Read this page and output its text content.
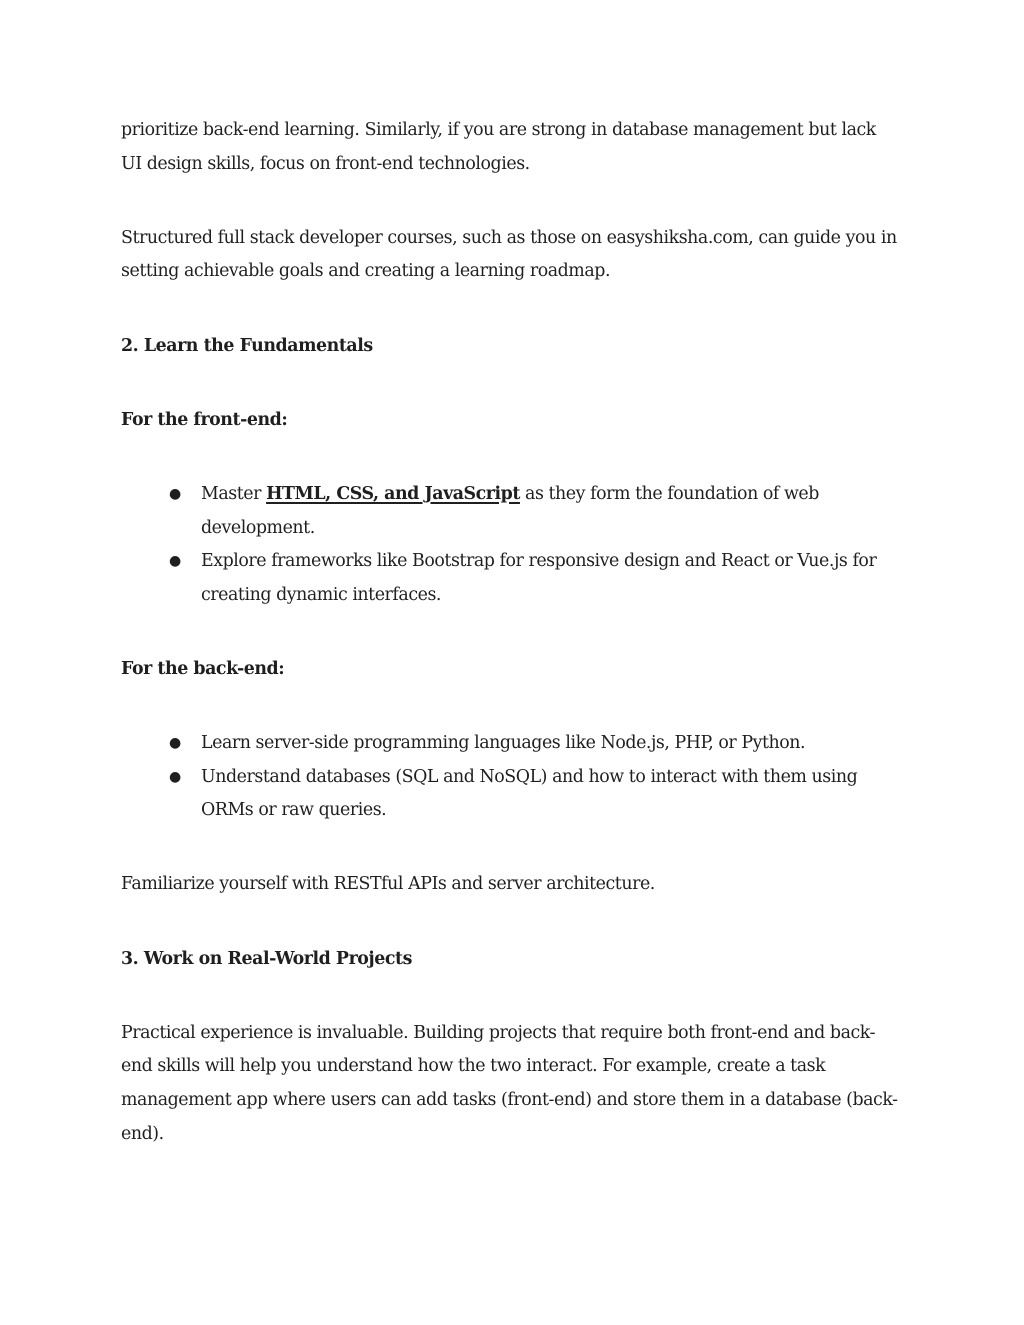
prioritize back-end learning. Similarly, if you are strong in database management but lack UI design skills, focus on front-end technologies.

Structured full stack developer courses, such as those on easyshiksha.com, can guide you in setting achievable goals and creating a learning roadmap.

2. Learn the Fundamentals

For the front-end:

● Master HTML, CSS, and JavaScript as they form the foundation of web development.
● Explore frameworks like Bootstrap for responsive design and React or Vue.js for creating dynamic interfaces.

For the back-end:

● Learn server-side programming languages like Node.js, PHP, or Python.
● Understand databases (SQL and NoSQL) and how to interact with them using ORMs or raw queries.

Familiarize yourself with RESTful APIs and server architecture.

3. Work on Real-World Projects

Practical experience is invaluable. Building projects that require both front-end and back-end skills will help you understand how the two interact. For example, create a task management app where users can add tasks (front-end) and store them in a database (back-end).
